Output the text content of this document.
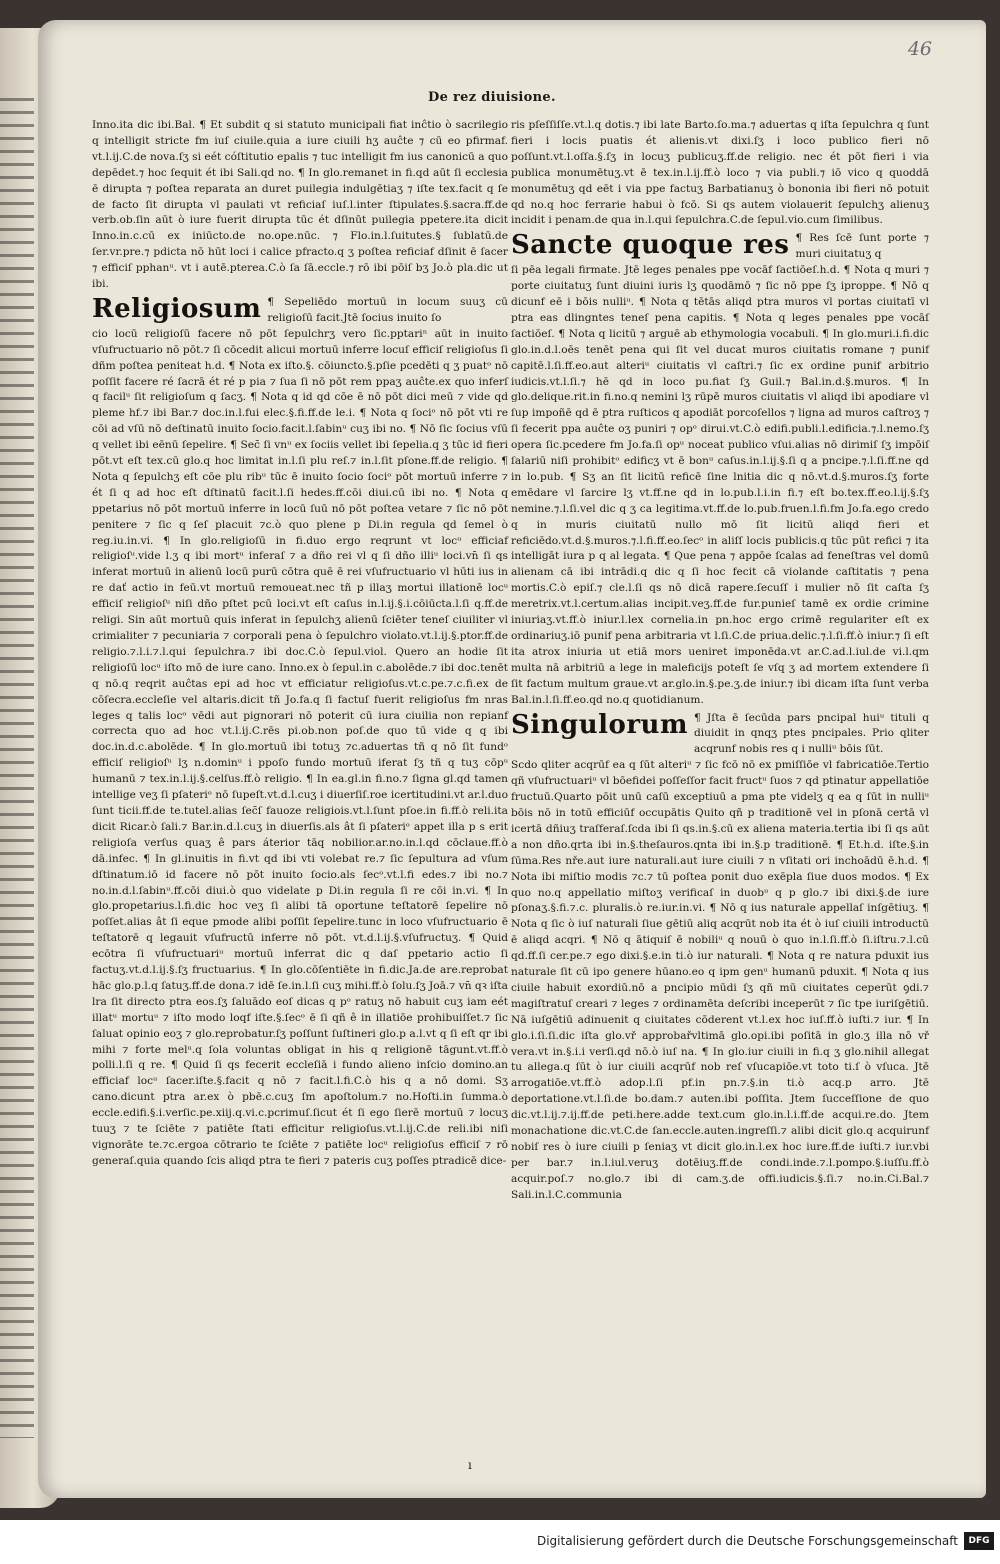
46
De rez diuisione.

Inno.ita dic ibi.Bal. ¶ Et subdit q si statuto municipali fiat inĉtio ò sacrilegio q intelligit stricte fm iuſ ciuile.quia a iure ciuili hʒ auĉte ⁊ cū eo pfirmaf. vt.l.ij.C.de nova.ſʒ si eét cóſtitutio epalis ⁊ tuc intelligit fm ius canonicū a quo depēdet.⁊ hoc ſequit ét ibi Sali.qd no. ¶ In glo.remanet in fi.qd aūt ſi ecclesia ē dirupta ⁊ poſtea reparata an duret puilegia indulgētiaʒ ⁊ iſte tex.facit q ſe de facto ſit dirupta vl paulati vt reficiaſ iuſ.l.inter ſtipulates.§.sacra.ff.de verb.ob.ſin aūt ò iure fuerit dirupta tūc ét dſinūt puilegia ppetere.ita dicit Inno.in.c.cū ex iniūcto.de no.ope.nūc. ⁊ Flo.in.l.ſuitutes.§ ſublatū.de ſer.vr.pre.⁊ pdicta nō hūt loci i calice pfracto.q ʒ poſtea reficiaf dſinit ē ſacer ⁊ efficiſ pphanᵘ. vt i autē.pterea.C.ò ſa ſā.eccle.⁊ rō ibi pōiſ bʒ Jo.ò pla.dic ut ibi.

Religiosum ¶ Sepeliēdo mortuū in locum suuʒ cū religioſū facit.Jtē ſocius inuito ſo

cio locū religioſū facere nō pōt ſepulchrʒ vero ſic.pptariⁿ aūt in inuito vſufructuario nō pōt.⁊ ſi cōcedit alicui mortuū inferre locuſ efficiſ religioſus ſi dñm poſtea peniteat h.d. ¶ Nota ex iſto.§. cōiuncto.§.pſie pcedēti q ʒ puatᵒ nō poſſit facere ré ſacrā ét ré p pia ⁊ ſua ſi nō pōt rem ppaʒ auĉte.ex quo inferſ q facilᵘ ſit religioſum q ſacʒ. ¶ Nota q id qd cōe ē nō pōt dici meū ⁊ vide qd pleme hf.⁊ ibi Bar.⁊ doc.in.l.fui elec.§.fi.ff.de le.i. ¶ Nota q ſociᵒ nō pōt vti re cōi ad vſū nō deſtinatū inuito ſocio.facit.l.ſabinᵘ cuʒ ibi no. ¶ Nō ſic ſocius vſū q vellet ibi eēnū ſepelire. ¶ Sec̄ ſi vnᵘ ex ſociis vellet ibi ſepelia.q ʒ tūc id fieri pōt.vt eſt tex.cū glo.q hoc limitat in.l.ſi plu reſ.⁊ in.l.ſit pſone.ff.de religio. ¶ Nota q ſepulchʒ eſt cōe plu ribᵘ tūc ē inuito ſocio ſociᵒ pōt mortuū inferre ⁊ ét ſi q ad hoc eſt dſtinatū facit.l.ſi hedes.ff.cōi diui.cū ibi no. ¶ Nota q ppetarius nō pōt mortuū inferre in locū ſuū nō pōt poſtea vetare ⁊ ſic nō pōt penitere ⁊ ſic q ſeſ placuit ⁊c.ò quo plene p Di.in regula qd ſemel ò reg.iu.in.vi. ¶ In glo.religioſū in fi.duo ergo reqrunt vt locᵘ efficiaf religioſᵘ.vide l.ʒ q ibi mortᵘ inferaſ ⁊ a dño rei vl q ſi dño illiᵘ loci.vn̄ ſi qs inferat mortuū in alienū locū purū cōtra quē ē rei vſufructuario vl hūti ius in re dať actio in feū.vt mortuū remoueat.nec tñ p illaʒ mortui illationē locᵘ efficiſ religioſᵘ niſi dño pſtet pcū loci.vt eſt caſus in.l.ij.§.i.cōiūcta.l.ſi q.ff.de religi. Sin aūt mortuū quis inferat in ſepulchʒ alienū ſciēter teneſ ciuiliter vl crimialiter ⁊ pecuniaria ⁊ corporali pena ò ſepulchro violato.vt.l.ij.§.ptor.ff.de religio.⁊.l.i.⁊.l.qui ſepulchra.⁊ ibi doc.C.ò ſepul.viol. Quero an hodie ſit religioſū locᵘ iſto mō de iure cano. Inno.ex ò ſepul.in c.abolēde.⁊ ibi doc.tenēt q nō.q reqrit auĉtas epi ad hoc vt efficiatur religioſus.vt.c.pe.⁊.c.fi.ex de cōſecra.eccleſie vel altaris.dicit tñ Jo.fa.q ſi factuſ fuerit religioſus fm nras leges q talis locᵒ vēdi aut pignorari nō poterit cū iura ciuilia non repianf correcta quo ad hoc vt.l.ij.C.rēs pi.ob.non poſ.de quo tū vide q q ibi doc.in.d.c.abolēde. ¶ In glo.mortuū ibi totuʒ ⁊c.aduertas tñ q nō ſit fundᵒ efficiſ religioſᵘ lʒ n.dominᵘ i ppoſo fundo mortuū iferat ſʒ tñ q tuʒ cōpᵘ humanū ⁊ tex.in.l.ij.§.celſus.ff.ò religio. ¶ In ea.gl.in fi.no.⁊ ſigna gl.qd tamen intellige veʒ ſi pſateriᵒ nō ſupeſt.vt.d.l.cuʒ i diuerſiſ.roe icertitudini.vt ar.l.duo ſunt ticii.ff.de te.tutel.alias ſec̄ſ fauoze religiois.vt.l.ſunt pſoe.in fi.ff.ò reli.ita dicit Ricar.ò ſali.⁊ Bar.in.d.l.cuʒ in diuerſis.als ât ſi pſateriᵒ appet illa p s erit religioſa verſus quaʒ ê pars áterior tāq nobilior.ar.no.in.l.qd cōclaue.ff.ò dā.infec. ¶ In gl.inuitis in fi.vt qd ibi vti volebat re.⁊ ſic ſepultura ad vſum dſtinatum.iō id facere nō pōt inuito ſocio.als ſecᵒ.vt.l.fi edes.⁊ ibi no.⁊ no.in.d.l.ſabinᵘ.ff.cōi diui.ò quo videlate p Di.in regula ſi re cōi in.vi. ¶ In glo.propetarius.l.fi.dic hoc veʒ ſi alibi tā oportune teſtatorē ſepelire nō poſſet.alias ât ſi eque pmode alibi poſſit ſepelire.tunc in loco vſufructuario ē teſtatorē q legauit vſufructū inferre nō pōt. vt.d.l.ij.§.vſufructuʒ. ¶ Quid ecōtra ſi vſufructuariᵘ mortuū inferrat dic q daſ ppetario actio ſi factuʒ.vt.d.l.ij.§.ſʒ fructuarius. ¶ In glo.cōſentiēte in fi.dic.Ja.de are.reprobat hāc glo.p.l.q ſatuʒ.ff.de dona.⁊ idē ſe.in.l.ſi cuʒ mihi.ff.ò ſolu.ſʒ Joā.⁊ vn̄ qꝛ iſta lra ſit directo ptra eos.ſʒ ſaluādo eoſ dicas q pᵒ ratuʒ nō habuit cuʒ iam eét illatᵘ mortuᵘ ⁊ iſto modo loqf iſte.§.ſecᵒ ē ſi qñ ê in illatiōe prohibuiſſet.⁊ ſic ſaluat opinio eoʒ ⁊ glo.reprobatur.ſʒ poſſunt ſuſtineri glo.p a.l.vt q ſi eſt qr ibi mihi ⁊ forte melᵘ.q ſola voluntas obligat in his q religionē tāgunt.vt.ff.ò polli.l.ſi q re. ¶ Quid ſi qs fecerit eccleſiā i fundo alieno inſcio domino.an efficiaf locᵘ ſacer.iſte.§.facit q nō ⁊ facit.l.fi.C.ò his q a nō domi. Sʒ cano.dicunt ptra ar.ex ò pbē.c.cuʒ ſm apoſtolum.⁊ no.Hoſti.in ſumma.ò eccle.edifi.§.i.verſic.pe.xiij.q.vi.c.pcrimuſ.ſicut ét ſi ego ſierē mortuū ⁊ locuʒ tuuʒ ⁊ te ſciēte ⁊ patiēte ſtati efficitur religioſus.vt.l.ij.C.de reli.ibi niſi vignorāte te.⁊c.ergoa cōtrario te ſciēte ⁊ patiēte locᵘ religioſus efficiſ ⁊ rō generaſ.quia quando ſcis aliqd ptra te fieri ⁊ pateris cuʒ poſſes ptradicē dice-

ris pſeſſiſſe.vt.l.q dotis.⁊ ibi late Barto.ſo.ma.⁊ aduertas q iſta ſepulchra q ſunt fieri i locis puatis ét alienis.vt dixi.ſʒ i loco publico fieri nō poſſunt.vt.l.oſſa.§.ſʒ in locuʒ publicuʒ.ff.de religio. nec ét pōt fieri i via publica monumētuʒ.vt ē tex.in.l.ij.ff.ò loco ⁊ via publi.⁊ iō vico q quoddā monumētuʒ qd eēt i via ppe factuʒ Barbatianuʒ ò bononia ibi fieri nō potuit qd no.q hoc ferrarie habui ò fcō. Si qs autem violauerit ſepulchʒ alienuʒ incidit i penam.de qua in.l.qui ſepulchra.C.de ſepul.vio.cum ſimilibus.

Sancte quoque res ¶ Res ſcē ſunt porte ⁊ muri ciuitatuʒ q

ſi pēa legali firmate. Jtē leges penales ppe vocāf ſactiōeſ.h.d. ¶ Nota q muri ⁊ porte ciuitatuʒ ſunt diuini iuris lʒ quodāmō ⁊ ſic nō ppe ſʒ iproppe. ¶ Nō q dicunf eē i bōis nulliᵘ. ¶ Nota q tētās aliqd ptra muros vl portas ciuitatī vl ptra eas dlingntes teneſ pena capitis. ¶ Nota q leges penales ppe vocāſ ſactiōeſ. ¶ Nota q licitū ⁊ arguē ab ethymologia vocabuli. ¶ In glo.muri.i.fi.dic glo.in.d.l.oēs tenēt pena qui ſit vel ducat muros ciuitatis romane ⁊ punif capitē.l.ſi.ff.eo.aut alteriᵘ ciuitatis vl caſtri.⁊ ſic ex ordine punif arbitrio iudicis.vt.l.ſi.⁊ hē qd in loco pu.fiat ſʒ Guil.⁊ Bal.in.d.§.muros. ¶ In glo.delique.rit.in fi.no.q nemini lʒ rūpē muros ciuitatis vl aliqd ibi apodiare vl ſup impoñē qd ē ptra ruſticos q apodiāt porcoſellos ⁊ ligna ad muros caſtroʒ ⁊ ſi fecerit ppa auĉte oʒ puniri ⁊ opᵒ dirui.vt.C.ò edifi.publi.l.edificia.⁊.l.nemo.ſʒ opera ſic.pcedere fm Jo.fa.ſi opᵘ noceat publico vſui.alias nō dirimiſ ſʒ impōiſ ſalariū niſi prohibitᵒ edificʒ vt ē bonᵘ caſus.in.l.ij.§.ſi q a pncipe.⁊.l.ſi.ff.ne qd in lo.pub. ¶ Sʒ an ſit licitū reficē ſine lnitia dic q nō.vt.d.§.muros.ſʒ forte emēdare vl ſarcire lʒ vt.ff.ne qd in lo.pub.l.i.in fi.⁊ eſt bo.tex.ff.eo.l.ij.§.ſʒ nemine.⁊.l.ſi.vel dic q ʒ ca legitima.vt.ff.de lo.pub.fruen.l.fi.fm Jo.fa.ego credo q in muris ciuitatū nullo mō ſit licitū aliqd fieri et reficiēdo.vt.d.§.muros.⁊.l.fi.ff.eo.ſecᵒ in aliſſ locis publicis.q tūc pūt refici ⁊ ita intelligāt iura p q al legata. ¶ Que pena ⁊ appōe ſcalas ad feneſtras vel domū alienam cā ibi intrādi.q dic q ſi hoc fecit cā violande caſtitatis ⁊ pena mortis.C.ò epiſ.⁊ cle.l.ſi qs nō dicā rapere.ſecuſſ i mulier nō ſit caſta ſʒ meretrix.vt.l.certum.alias incipit.veʒ.ff.de fur.punieſ tamē ex ordie crimine iniuriaʒ.vt.ff.ò iniur.l.lex cornelia.in pn.hoc ergo crimē regulariter eſt ex ordinariuʒ.iō punif pena arbitraria vt l.ſi.C.de priua.delic.⁊.l.ſi.ff.ò iniur.⁊ ſi eſt ita atrox iniuria ut etiā mors ueniret imponēda.vt ar.C.ad.l.iul.de vi.l.qm multa nā arbitriū a lege in maleficijs poteſt ſe vſq ʒ ad mortem extendere ſi ſit factum multum graue.vt ar.glo.in.§.pe.ʒ.de iniur.⁊ ibi dicam iſta ſunt verba Bal.in.l.ſi.ff.eo.qd no.q quotidianum.

Singulorum ¶ Jſta ē ſecūda pars pncipal huiᵘ tituli q diuidit in qnqʒ ptes pncipales. Prio qliter acqrunf nobis res q i nulliᵘ bōis ſūt.

Scdo qliter acqrūf ea q ſūt alteriᵘ ⁊ ſic fcō nō ex pmiſſiōe vl fabricatiōe.Tertio qñ vſufructuariᵘ vl bōefidei poſſeſſor facit fructᵘ ſuos ⁊ qd ptinatur appellatiōe fructuū.Quarto pōit unū caſū exceptiuū a pma pte videlʒ q ea q ſūt in nulliᵘ bōis nō in totū efficiūf occupātis Quito qñ p traditionē vel in pſonā certā vl icertā dñiuʒ traſferaſ.ſcda ibi ſi qs.in.§.cū ex aliena materia.tertia ibi ſi qs aūt a non dño.qrta ibi in.§.theſauros.qnta ibi in.§.p traditionē. ¶ Et.h.d. iſte.§.in ſūma.Res nře.aut iure naturali.aut iure ciuili ⁊ n vſitati ori inchoādū ē.h.d. ¶ Nota ibi miſtio modis ⁊c.⁊ tū poſtea ponit duo exēpla ſiue duos modos. ¶ Ex quo no.q appellatio miſtoʒ verificaſ in duobᵘ q p glo.⁊ ibi dixi.§.de iure pſonaʒ.§.fi.⁊.c. pluralis.ò re.iur.in.vi. ¶ Nō q ius naturale appellaſ inſgētiuʒ. ¶ Nota q ſic ò iuſ naturali ſiue gētiū aliq acqrūt nob ita ét ò iuſ ciuili introductū ē aliqd acqri. ¶ Nō q ātiquiſ ē nobiliᵘ q nouū ò quo in.l.ſi.ff.ò ſi.iſtru.⁊.l.cū qd.ff.ſi cer.pe.⁊ ego dixi.§.e.in ti.ò iur naturali. ¶ Nota q re natura pduxit ius naturale ſit cū ipo genere hūano.eo q ipm genᵘ humanū pduxit. ¶ Nota q ius ciuile habuit exordiū.nō a pncipio mūdi ſʒ qñ mū ciuitates ceperūt ꝯdi.⁊ magiſtratuſ creari ⁊ leges ⁊ ordinamēta deſcribi inceperūt ⁊ ſic tpe iuriſgētiū. Nā iuſgētiū adinuenit q ciuitates cōderent vt.l.ex hoc iuſ.ff.ò iuſti.⁊ iur. ¶ In glo.i.ſi.ſi.dic iſta glo.vř approbařvltimā glo.opi.ibi poſitā in glo.ʒ illa nō vř vera.vt in.§.i.i verſi.qd nō.ò iuſ na. ¶ In glo.iur ciuili in fi.q ʒ glo.nihil allegat tu allega.q ſūt ò iur ciuili acqrūf nob reſ vſucapiōe.vt toto ti.ſ ò vſuca. Jtē arrogatiōe.vt.ff.ò adop.l.ſi pf.in pn.⁊.§.in ti.ò acq.p arro. Jtē deportatione.vt.l.ſi.de bo.dam.⁊ auten.ibi poſſita. Jtem ſucceſſione de quo dic.vt.l.ij.⁊.ij.ff.de peti.here.adde text.cum glo.in.l.i.ff.de acqui.re.do. Jtem monachatione dic.vt.C.de ſan.eccle.auten.ingreſſi.⁊ alibi dicit glo.q acquirunf nobiſ res ò iure ciuili p ſeniaʒ vt dicit glo.in.l.ex hoc iure.ff.de iuſti.⁊ iur.vbi per bar.⁊ in.l.iul.veruʒ dotēiuʒ.ff.de condi.inde.⁊.l.pompo.§.iuſſu.ff.ò acquir.poſ.⁊ no.glo.⁊ ibi di cam.ʒ.de offi.iudicis.§.ſi.⁊ no.in.Ci.Bal.⁊ Sali.in.l.C.communia

ı
Digitalisierung gefördert durch die Deutsche Forschungsgemeinschaft	DFG
